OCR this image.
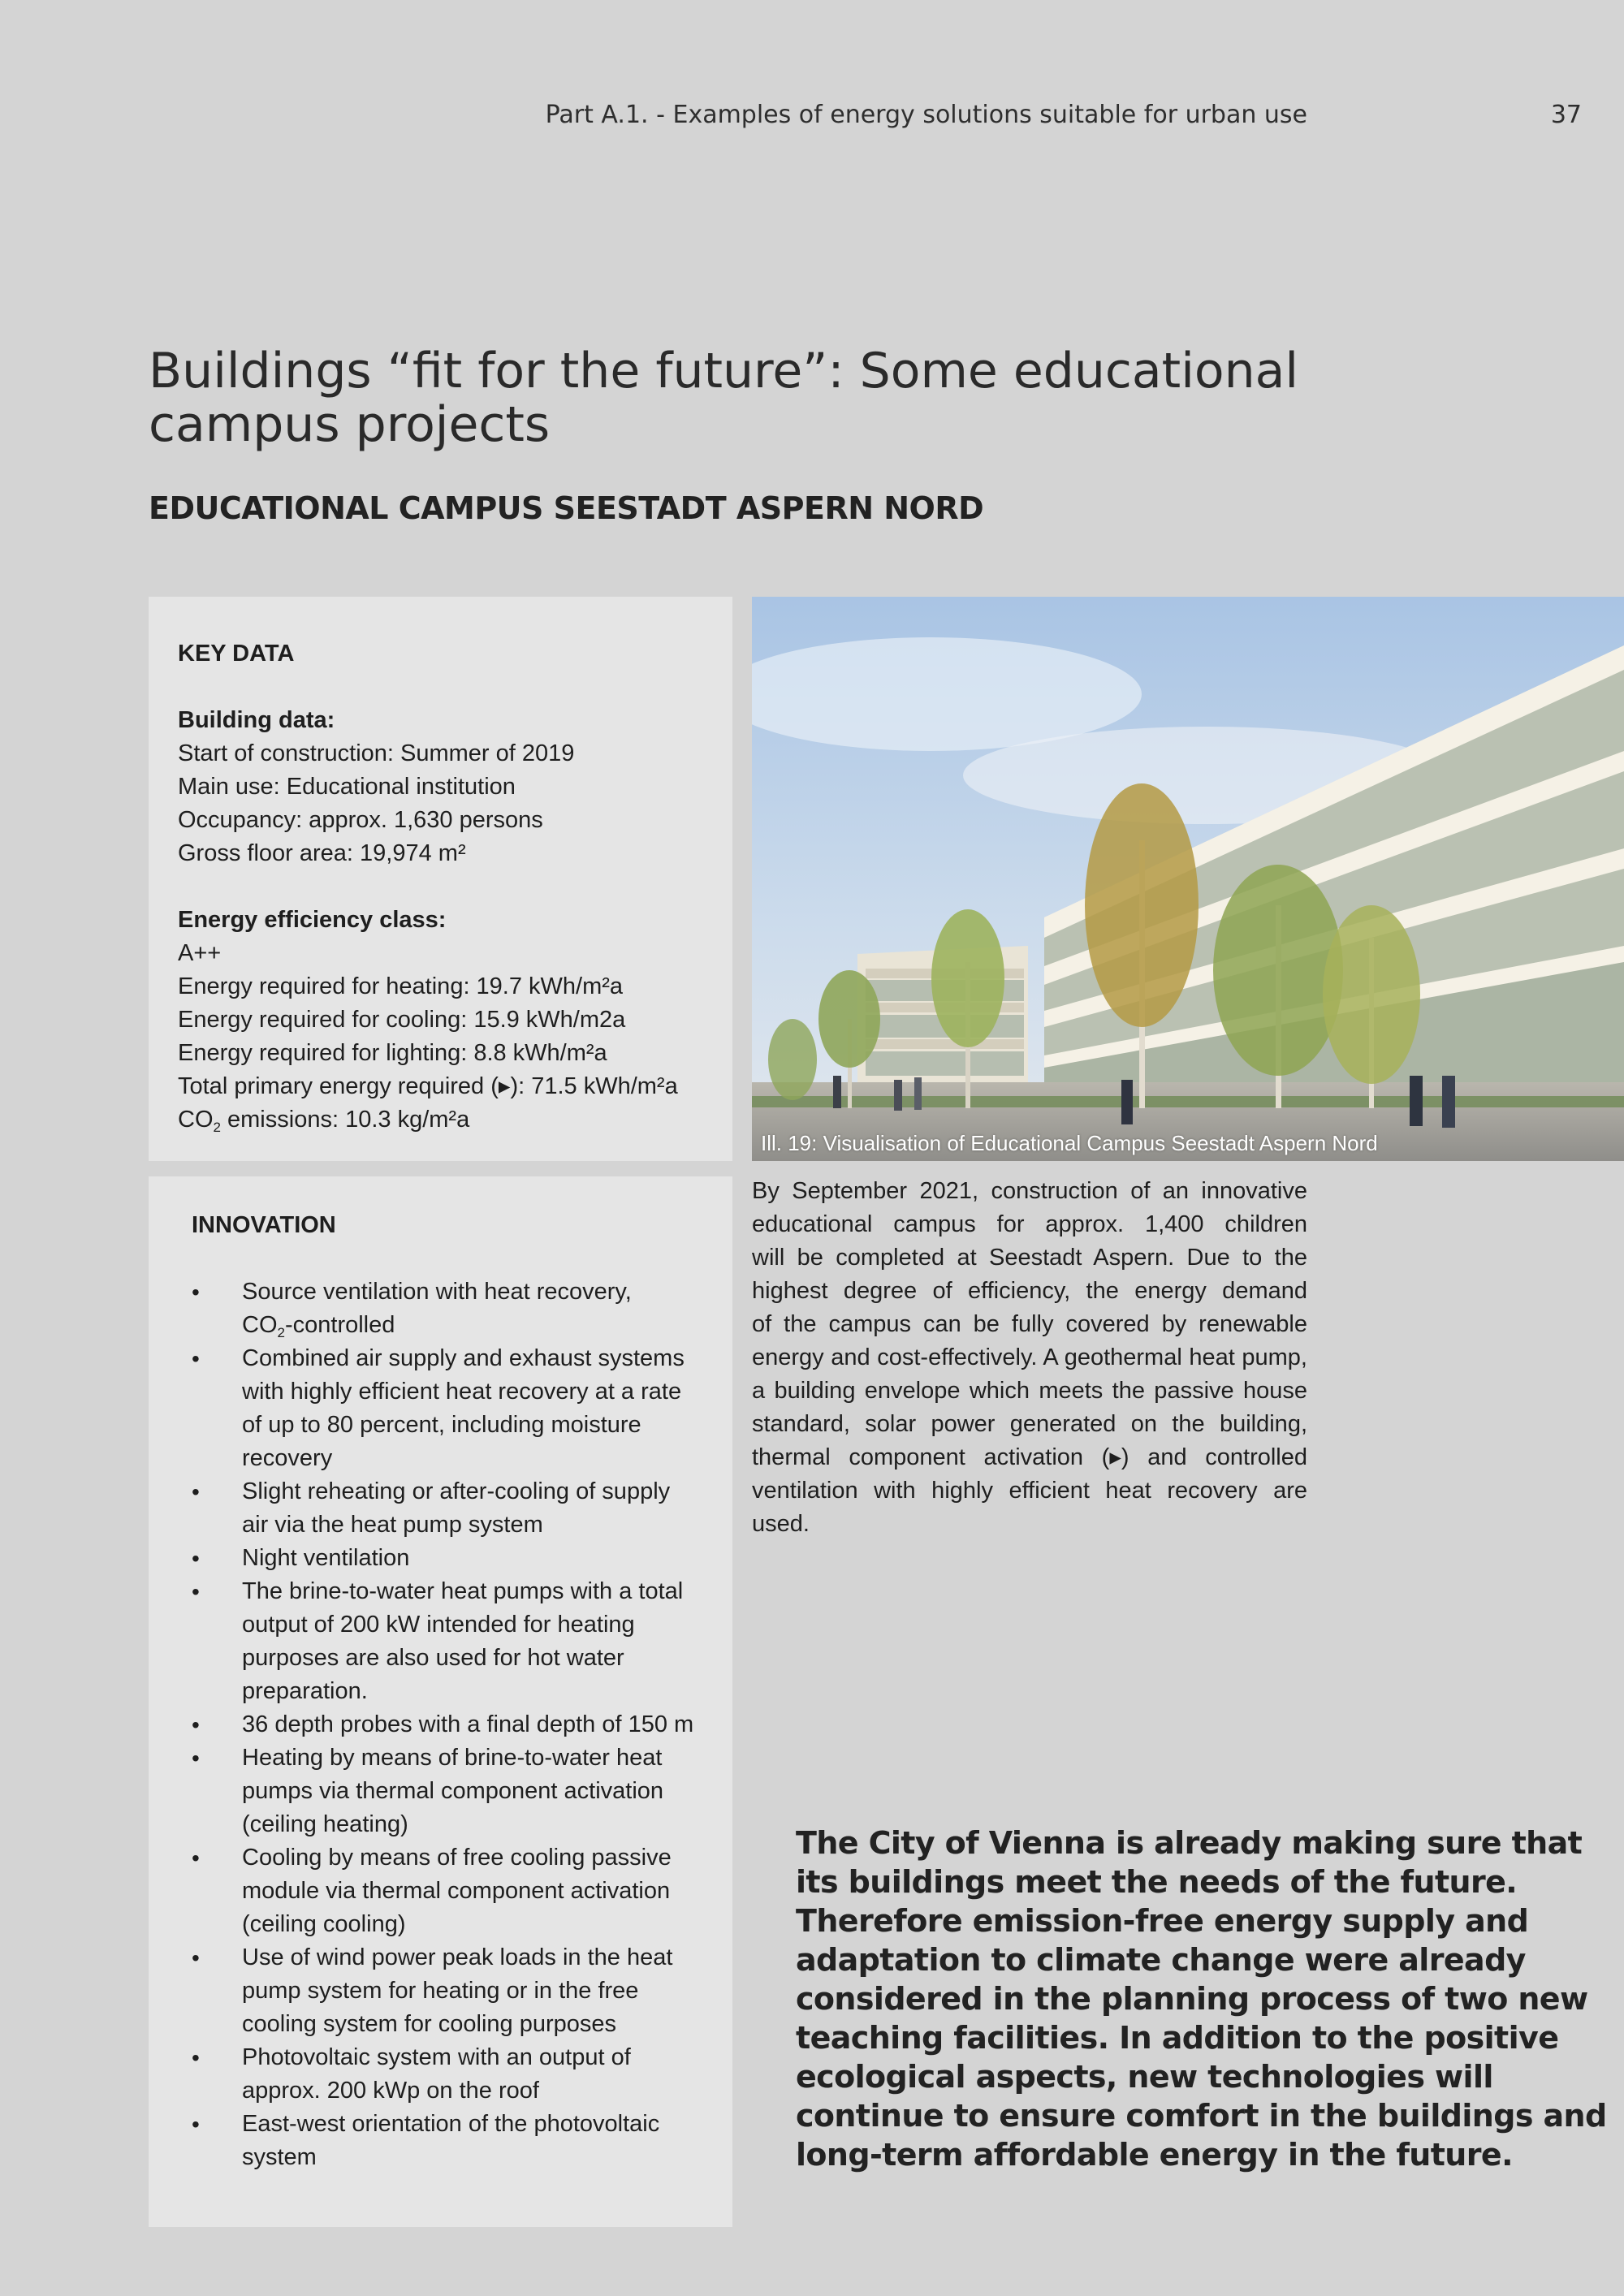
Part A.1. - Examples of energy solutions suitable for urban use	37
Buildings “fit for the future”: Some educational
campus projects
EDUCATIONAL CAMPUS SEESTADT ASPERN NORD
KEY DATA
Building data:
Start of construction: Summer of 2019
Main use: Educational institution
Occupancy: approx. 1,630 persons
Gross floor area: 19,974 m²
Energy efficiency class:
A++
Energy required for heating: 19.7 kWh/m²a
Energy required for cooling: 15.9 kWh/m2a
Energy required for lighting: 8.8 kWh/m²a
Total primary energy required (▸): 71.5 kWh/m²a
$CO_2$ emissions: 10.3 kg/m²a
INNOVATION
•	Source ventilation with heat recovery,
$CO_2$-controlled
•	Combined air supply and exhaust systems
with highly efficient heat recovery at a rate
of up to 80 percent, including moisture
recovery
•	Slight reheating or after-cooling of supply
air via the heat pump system
•	Night ventilation
•	The brine-to-water heat pumps with a total
output of 200 kW intended for heating
purposes are also used for hot water
preparation.
•	36 depth probes with a final depth of 150 m
•	Heating by means of brine-to-water heat
pumps via thermal component activation
(ceiling heating)
•	Cooling by means of free cooling passive
module via thermal component activation
(ceiling cooling)
•	Use of wind power peak loads in the heat
pump system for heating or in the free
cooling system for cooling purposes
•	Photovoltaic system with an output of
approx. 200 kWp on the roof
•	East-west orientation of the photovoltaic
system
Ill. 19: Visualisation of Educational Campus Seestadt Aspern Nord
By September 2021, construction of an innovative
educational campus for approx. 1,400 children
will be completed at Seestadt Aspern. Due to the
highest degree of efficiency, the energy demand
of the campus can be fully covered by renewable
energy and cost-effectively. A geothermal heat pump,
a building envelope which meets the passive house
standard, solar power generated on the building,
thermal component activation (▸) and controlled
ventilation with highly efficient heat recovery are
used.
The City of Vienna is already making sure that
its buildings meet the needs of the future.
Therefore emission-free energy supply and
adaptation to climate change were already
considered in the planning process of two new
teaching facilities. In addition to the positive
ecological aspects, new technologies will
continue to ensure comfort in the buildings and
long-term affordable energy in the future.
